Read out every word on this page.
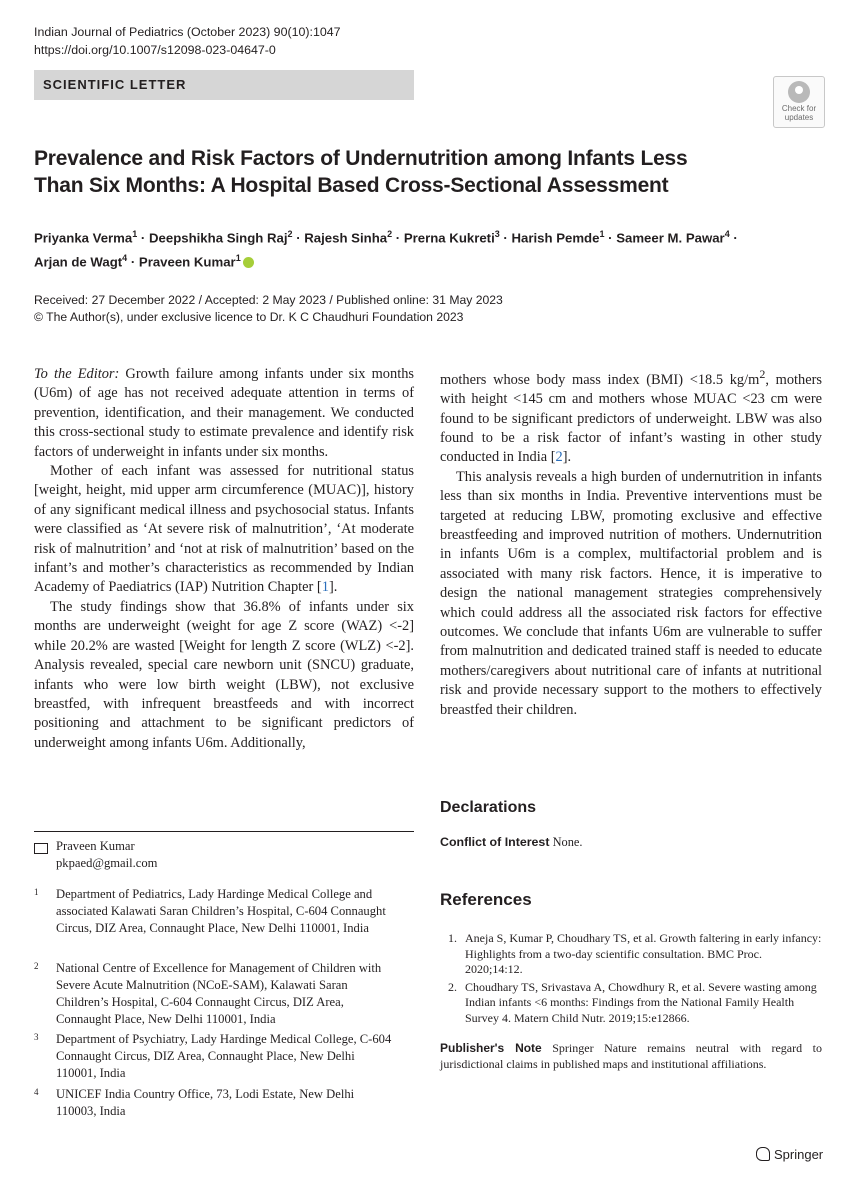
Indian Journal of Pediatrics (October 2023) 90(10):1047
https://doi.org/10.1007/s12098-023-04647-0
SCIENTIFIC LETTER
Check for
updates
Prevalence and Risk Factors of Undernutrition among Infants Less
Than Six Months: A Hospital Based Cross-Sectional Assessment
Priyanka Verma$^1$ · Deepshikha Singh Raj$^2$ · Rajesh Sinha$^2$ · Prerna Kukreti$^3$ · Harish Pemde$^1$ · Sameer M. Pawar$^4$ ·
Arjan de Wagt$^4$ · Praveen Kumar$^1$
Received: 27 December 2022 / Accepted: 2 May 2023 / Published online: 31 May 2023
© The Author(s), under exclusive licence to Dr. K C Chaudhuri Foundation 2023

To the Editor: Growth failure among infants under six months (U6m) of age has not received adequate attention in terms of prevention, identification, and their management. We conducted this cross-sectional study to estimate prevalence and identify risk factors of underweight in infants under six months.

Mother of each infant was assessed for nutritional status [weight, height, mid upper arm circumference (MUAC)], history of any significant medical illness and psychosocial status. Infants were classified as ‘At severe risk of malnutrition’, ‘At moderate risk of malnutrition’ and ‘not at risk of malnutrition’ based on the infant’s and mother’s characteristics as recommended by Indian Academy of Paediatrics (IAP) Nutrition Chapter [1].

The study findings show that 36.8% of infants under six months are underweight (weight for age Z score (WAZ) <-2] while 20.2% are wasted [Weight for length Z score (WLZ) <-2]. Analysis revealed, special care newborn unit (SNCU) graduate, infants who were low birth weight (LBW), not exclusive breastfed, with infrequent breastfeeds and with incorrect positioning and attachment to be significant predictors of underweight among infants U6m. Additionally,

mothers whose body mass index (BMI) <18.5 $kg/m^2$, mothers with height <145 cm and mothers whose MUAC <23 cm were found to be significant predictors of underweight. LBW was also found to be a risk factor of infant’s wasting in other study conducted in India [2].

This analysis reveals a high burden of undernutrition in infants less than six months in India. Preventive interventions must be targeted at reducing LBW, promoting exclusive and effective breastfeeding and improved nutrition of mothers. Undernutrition in infants U6m is a complex, multifactorial problem and is associated with many risk factors. Hence, it is imperative to design the national management strategies comprehensively which could address all the associated risk factors for effective outcomes. We conclude that infants U6m are vulnerable to suffer from malnutrition and dedicated trained staff is needed to educate mothers/caregivers about nutritional care of infants at nutritional risk and provide necessary support to the mothers to effectively breastfed their children.

Praveen Kumar
pkpaed@gmail.com
1 Department of Pediatrics, Lady Hardinge Medical College and associated Kalawati Saran Children’s Hospital, C-604 Connaught Circus, DIZ Area, Connaught Place, New Delhi 110001, India
2 National Centre of Excellence for Management of Children with Severe Acute Malnutrition (NCoE-SAM), Kalawati Saran Children’s Hospital, C-604 Connaught Circus, DIZ Area, Connaught Place, New Delhi 110001, India
3 Department of Psychiatry, Lady Hardinge Medical College, C-604 Connaught Circus, DIZ Area, Connaught Place, New Delhi 110001, India
4 UNICEF India Country Office, 73, Lodi Estate, New Delhi 110003, India
Declarations
Conflict of Interest None.
References
1. Aneja S, Kumar P, Choudhary TS, et al. Growth faltering in early infancy: Highlights from a two-day scientific consultation. BMC Proc. 2020;14:12.
2. Choudhary TS, Srivastava A, Chowdhury R, et al. Severe wasting among Indian infants <6 months: Findings from the National Family Health Survey 4. Matern Child Nutr. 2019;15:e12866.
Publisher's Note Springer Nature remains neutral with regard to jurisdictional claims in published maps and institutional affiliations.
Springer
